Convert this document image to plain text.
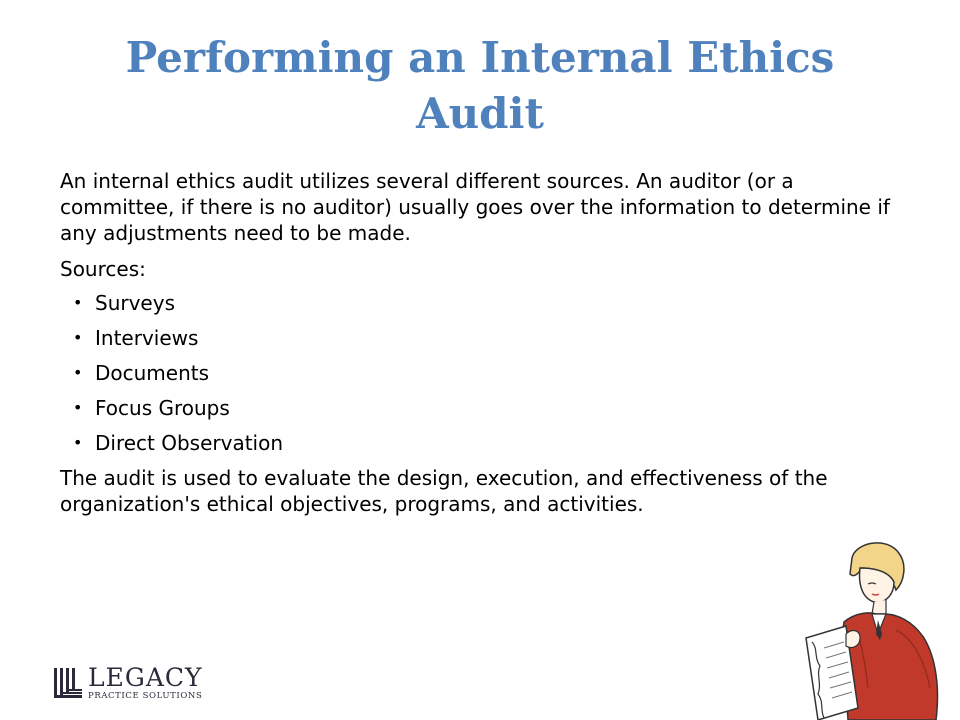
Performing an Internal Ethics Audit

An internal ethics audit utilizes several different sources. An auditor (or a committee, if there is no auditor) usually goes over the information to determine if any adjustments need to be made.

Sources:

• Surveys
• Interviews
• Documents
• Focus Groups
• Direct Observation

The audit is used to evaluate the design, execution, and effectiveness of the organization's ethical objectives, programs, and activities.

LEGACY
PRACTICE SOLUTIONS
